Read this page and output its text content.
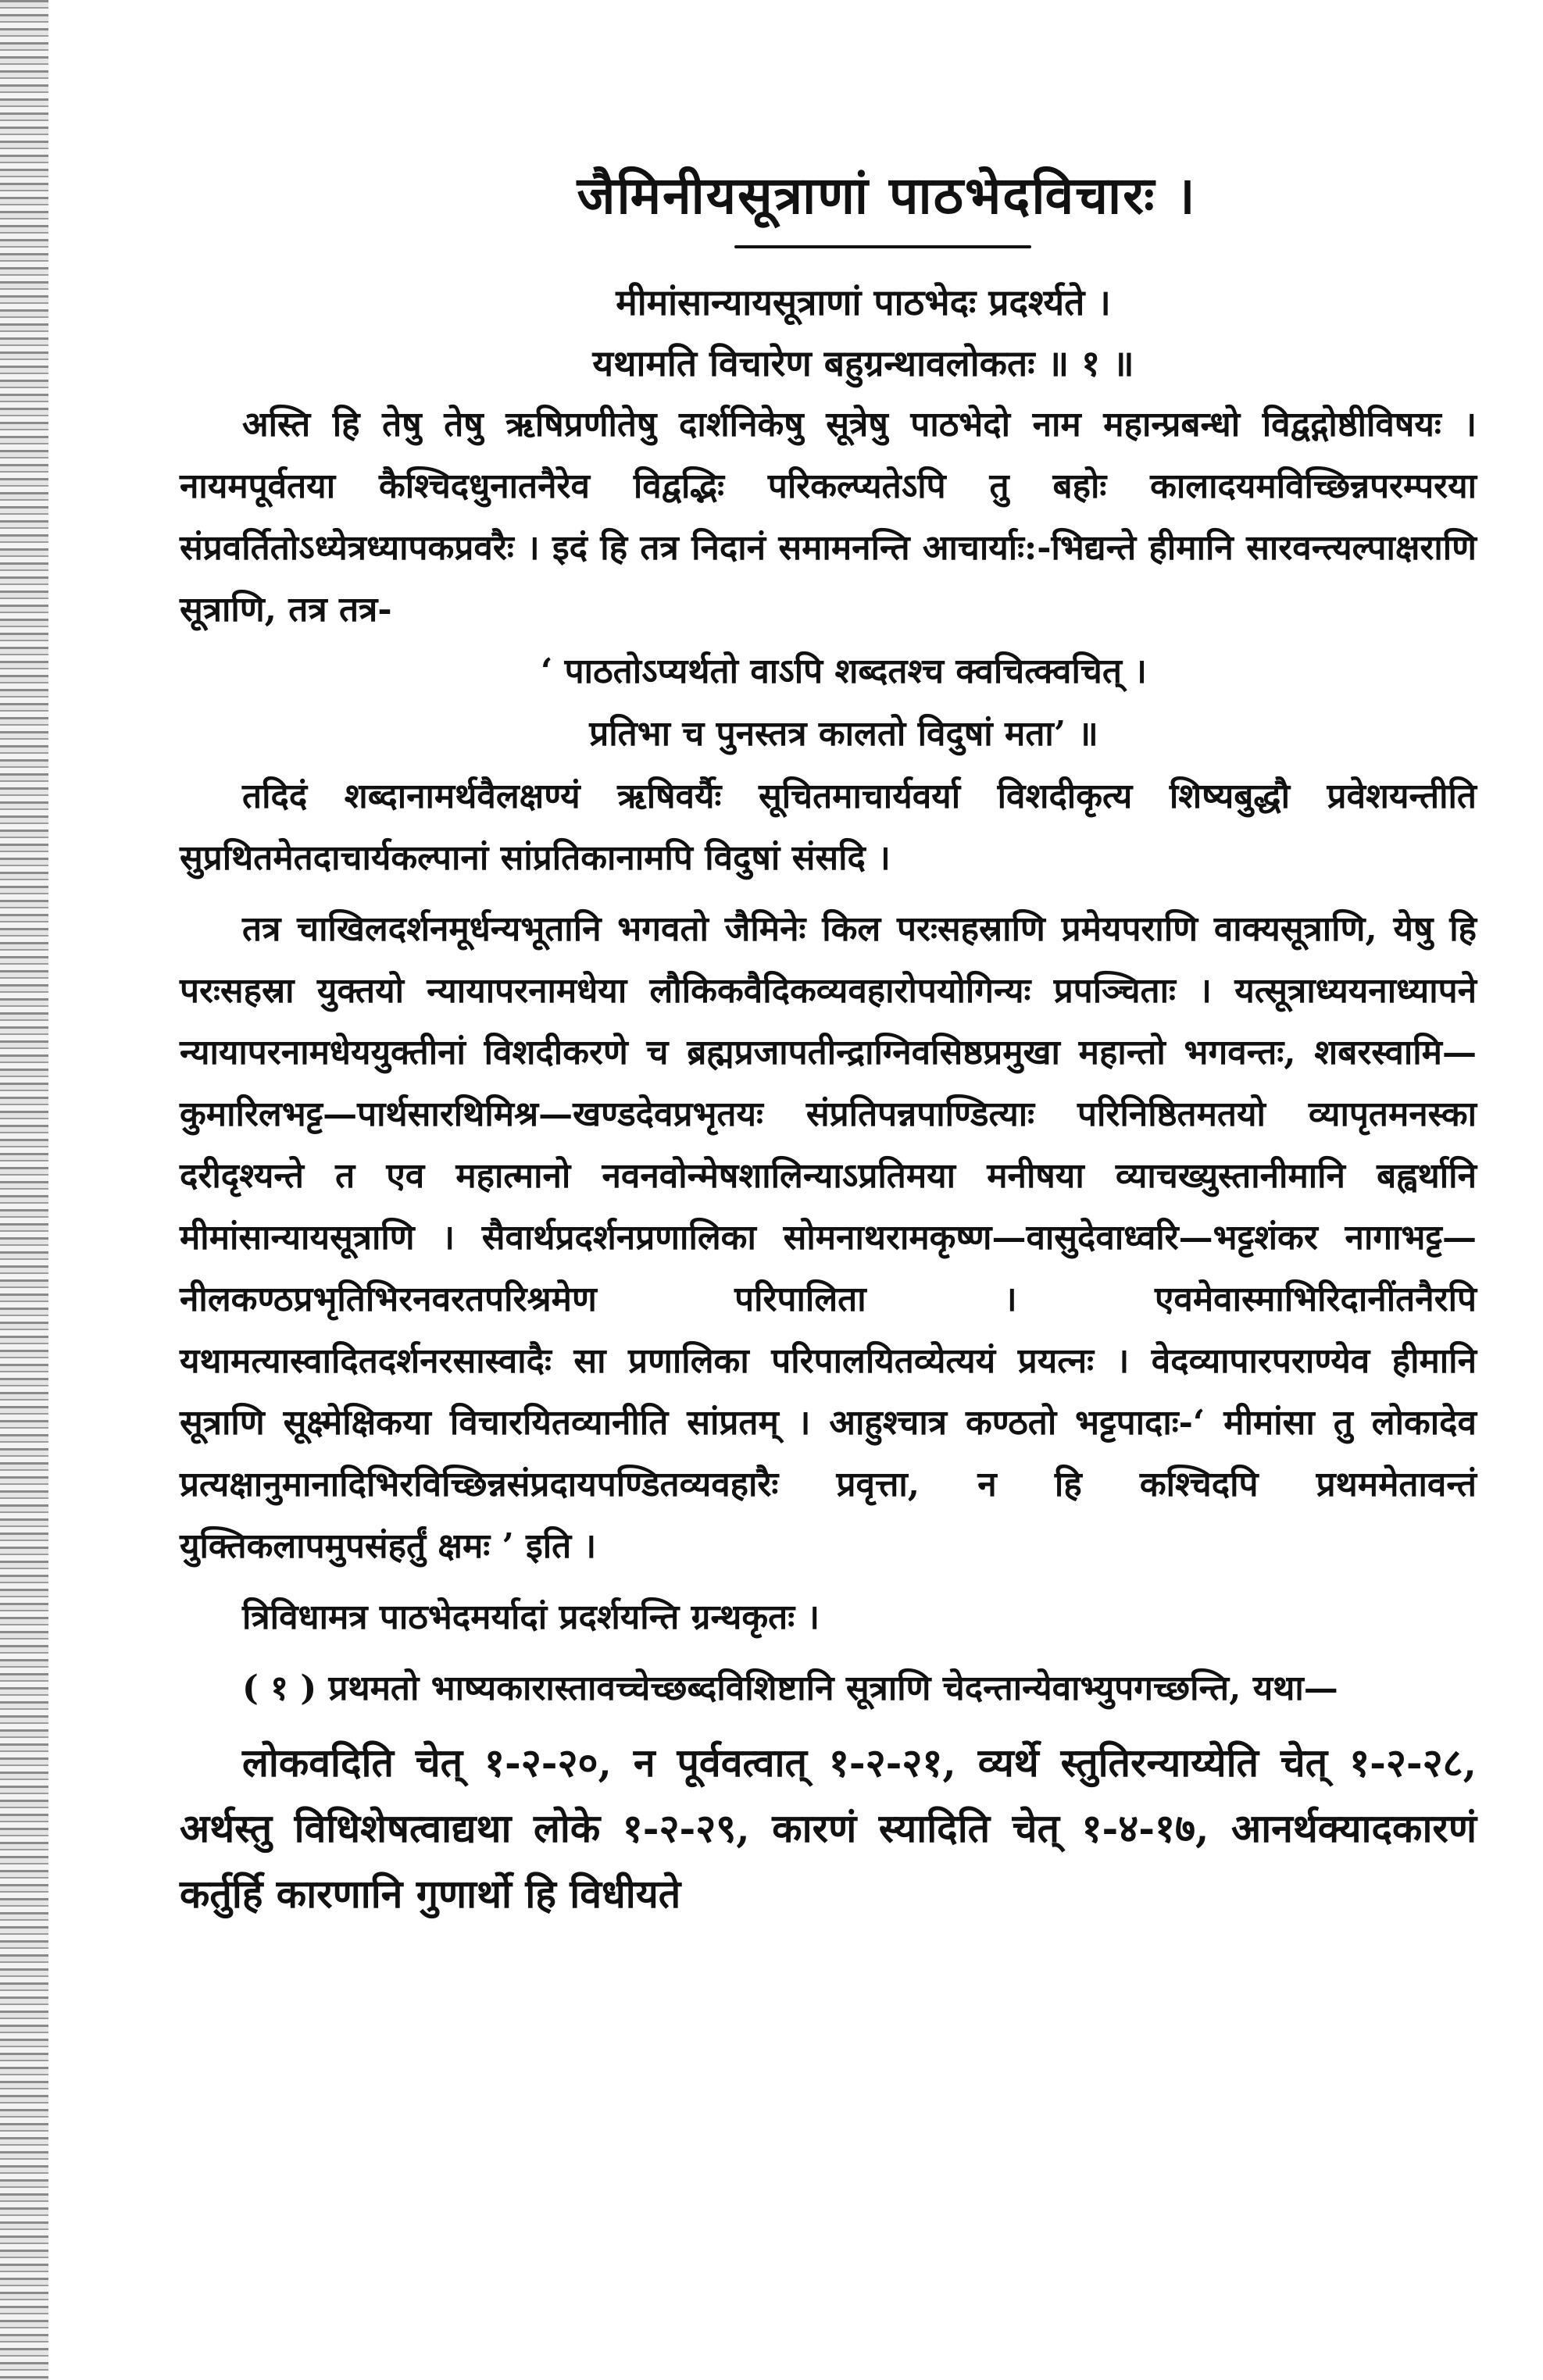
जैमिनीयसूत्राणां पाठभेदविचारः ।
मीमांसान्यायसूत्राणां पाठभेदः प्रदर्श्यते ।
यथामति विचारेण बहुग्रन्थावलोकतः ॥ १ ॥

अस्ति हि तेषु तेषु ऋषिप्रणीतेषु दार्शनिकेषु सूत्रेषु पाठभेदो नाम महान्प्रबन्धो विद्वद्गोष्ठीविषयः । नायमपूर्वतया कैश्चिदधुनातनैरेव विद्वद्भिः परिकल्प्यतेऽपि तु बहोः कालादयमविच्छिन्नपरम्परया संप्रवर्तितोऽध्येत्रध्यापकप्रवरैः । इदं हि तत्र निदानं समामनन्ति आचार्याः:-भिद्यन्ते हीमानि सारवन्त्यल्पाक्षराणि सूत्राणि, तत्र तत्र-

‘ पाठतोऽप्यर्थतो वाऽपि शब्दतश्च क्वचित्क्वचित् ।
प्रतिभा च पुनस्तत्र कालतो विदुषां मता’ ॥

तदिदं शब्दानामर्थवैलक्षण्यं ऋषिवर्यैः सूचितमाचार्यवर्या विशदीकृत्य शिष्यबुद्धौ प्रवेशयन्तीति सुप्रथितमेतदाचार्यकल्पानां सांप्रतिकानामपि विदुषां संसदि ।

तत्र चाखिलदर्शनमूर्धन्यभूतानि भगवतो जैमिनेः किल परःसहस्राणि प्रमेयपराणि वाक्यसूत्राणि, येषु हि परःसहस्रा युक्तयो न्यायापरनामधेया लौकिकवैदिकव्यवहारोपयोगिन्यः प्रपञ्चिताः । यत्सूत्राध्ययनाध्यापने न्यायापरनामधेययुक्तीनां विशदीकरणे च ब्रह्मप्रजापतीन्द्राग्निवसिष्ठप्रमुखा महान्तो भगवन्तः, शबरस्वामि—कुमारिलभट्ट—पार्थसारथिमिश्र—खण्डदेवप्रभृतयः संप्रतिपन्नपाण्डित्याः परिनिष्ठितमतयो व्यापृतमनस्का दरीदृश्यन्ते त एव महात्मानो नवनवोन्मेषशालिन्याऽप्रतिमया मनीषया व्याचख्युस्तानीमानि बह्वर्थानि मीमांसान्यायसूत्राणि । सैवार्थप्रदर्शनप्रणालिका सोमनाथरामकृष्ण—वासुदेवाध्वरि—भट्टशंकर नागाभट्ट—नीलकण्ठप्रभृतिभिरनवरतपरिश्रमेण परिपालिता । एवमेवास्माभिरिदानींतनैरपि यथामत्यास्वादितदर्शनरसास्वादैः सा प्रणालिका परिपालयितव्येत्ययं प्रयत्नः । वेदव्यापारपराण्येव हीमानि सूत्राणि सूक्ष्मेक्षिकया विचारयितव्यानीति सांप्रतम् । आहुश्चात्र कण्ठतो भट्टपादाः-‘ मीमांसा तु लोकादेव प्रत्यक्षानुमानादिभिरविच्छिन्नसंप्रदायपण्डितव्यवहारैः प्रवृत्ता, न हि कश्चिदपि प्रथममेतावन्तं युक्तिकलापमुपसंहर्तुं क्षमः ’ इति ।

त्रिविधामत्र पाठभेदमर्यादां प्रदर्शयन्ति ग्रन्थकृतः ।

( १ ) प्रथमतो भाष्यकारास्तावच्चेच्छब्दविशिष्टानि सूत्राणि चेदन्तान्येवाभ्युपगच्छन्ति, यथा—

लोकवदिति चेत् १-२-२०, न पूर्ववत्वात् १-२-२१, व्यर्थे स्तुतिरन्याय्येति चेत् १-२-२८, अर्थस्तु विधिशेषत्वाद्यथा लोके १-२-२९, कारणं स्यादिति चेत् १-४-१७, आनर्थक्याद‌कारणं कर्तुर्हि कारणानि गुणार्थो हि विधीयते
